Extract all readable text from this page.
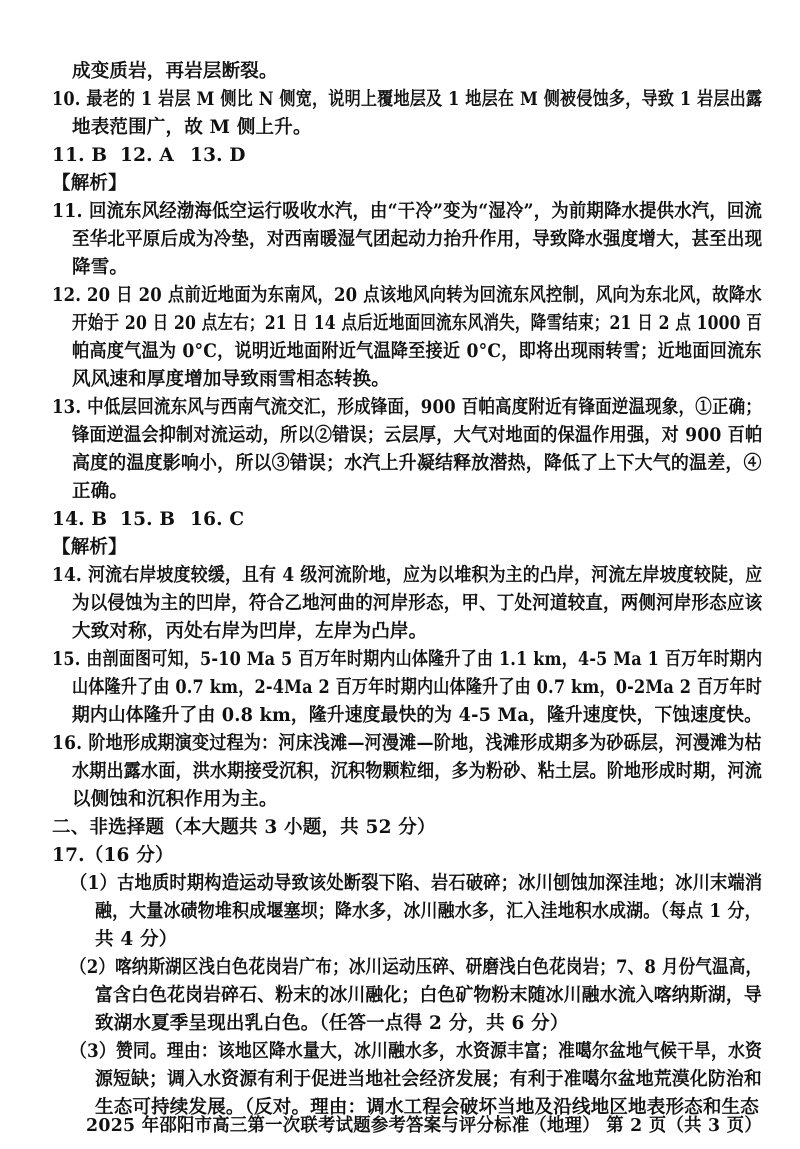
成变质岩，再岩层断裂。
10. 最老的 1 岩层 M 侧比 N 侧宽，说明上覆地层及 1 地层在 M 侧被侵蚀多，导致 1 岩层出露
地表范围广，故 M 侧上升。
11. B 12. A 13. D
【解析】
11. 回流东风经渤海低空运行吸收水汽，由“干冷”变为“湿冷”，为前期降水提供水汽，回流
至华北平原后成为冷垫，对西南暖湿气团起动力抬升作用，导致降水强度增大，甚至出现
降雪。
12. 20 日 20 点前近地面为东南风，20 点该地风向转为回流东风控制，风向为东北风，故降水
开始于 20 日 20 点左右；21 日 14 点后近地面回流东风消失，降雪结束；21 日 2 点 1000 百
帕高度气温为 0°C，说明近地面附近气温降至接近 0°C，即将出现雨转雪；近地面回流东
风风速和厚度增加导致雨雪相态转换。
13. 中低层回流东风与西南气流交汇，形成锋面，900 百帕高度附近有锋面逆温现象，①正确；
锋面逆温会抑制对流运动，所以②错误；云层厚，大气对地面的保温作用强，对 900 百帕
高度的温度影响小，所以③错误；水汽上升凝结释放潜热，降低了上下大气的温差，④
正确。
14. B 15. B 16. C
【解析】
14. 河流右岸坡度较缓，且有 4 级河流阶地，应为以堆积为主的凸岸，河流左岸坡度较陡，应
为以侵蚀为主的凹岸，符合乙地河曲的河岸形态，甲、丁处河道较直，两侧河岸形态应该
大致对称，丙处右岸为凹岸，左岸为凸岸。
15. 由剖面图可知，5-10 Ma 5 百万年时期内山体隆升了由 1.1 km，4-5 Ma 1 百万年时期内
山体隆升了由 0.7 km，2-4Ma 2 百万年时期内山体隆升了由 0.7 km，0-2Ma 2 百万年时
期内山体隆升了由 0.8 km，隆升速度最快的为 4-5 Ma，隆升速度快，下蚀速度快。
16. 阶地形成期演变过程为：河床浅滩—河漫滩—阶地，浅滩形成期多为砂砾层，河漫滩为枯
水期出露水面，洪水期接受沉积，沉积物颗粒细，多为粉砂、粘土层。阶地形成时期，河流
以侧蚀和沉积作用为主。
二、非选择题（本大题共 3 小题，共 52 分）
17.（16 分）
（1）古地质时期构造运动导致该处断裂下陷、岩石破碎；冰川刨蚀加深洼地；冰川末端消
融，大量冰碛物堆积成堰塞坝；降水多，冰川融水多，汇入洼地积水成湖。（每点 1 分，
共 4 分）
（2）喀纳斯湖区浅白色花岗岩广布；冰川运动压碎、研磨浅白色花岗岩；7、8 月份气温高，
富含白色花岗岩碎石、粉末的冰川融化；白色矿物粉末随冰川融水流入喀纳斯湖，导
致湖水夏季呈现出乳白色。（任答一点得 2 分，共 6 分）
（3）赞同。理由：该地区降水量大，冰川融水多，水资源丰富；准噶尔盆地气候干旱，水资
源短缺；调入水资源有利于促进当地社会经济发展；有利于准噶尔盆地荒漠化防治和
生态可持续发展。（反对。理由：调水工程会破坏当地及沿线地区地表形态和生态
2025 年邵阳市高三第一次联考试题参考答案与评分标准（地理） 第 2 页（共 3 页）
